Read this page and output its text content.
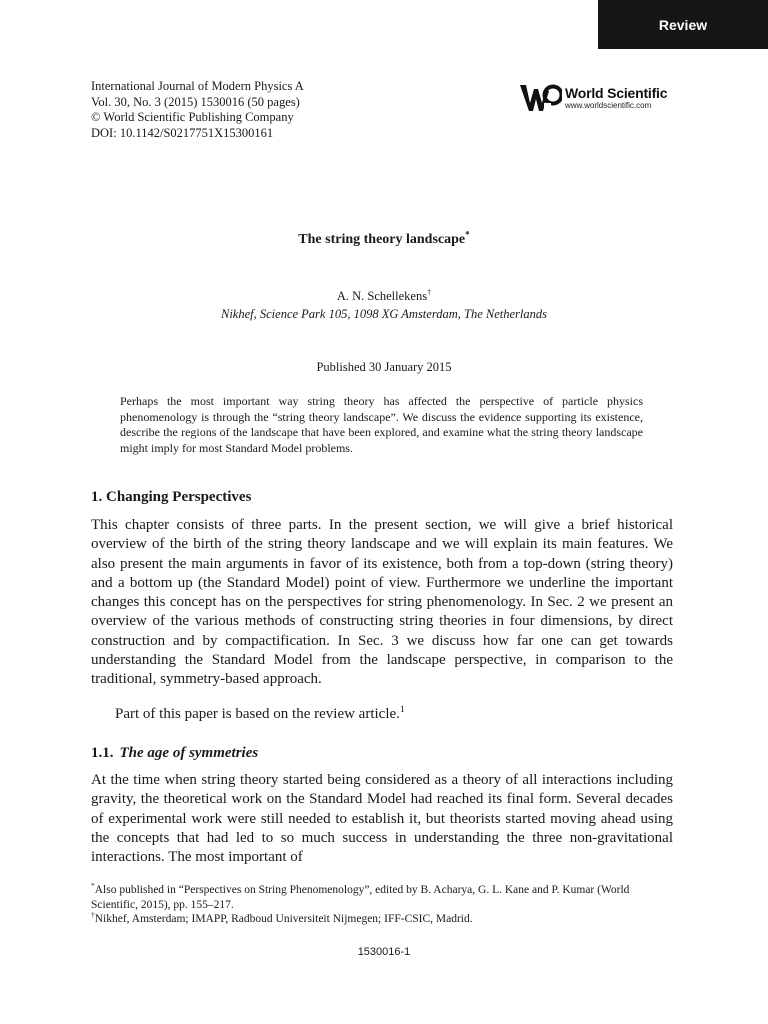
Review
International Journal of Modern Physics A
Vol. 30, No. 3 (2015) 1530016 (50 pages)
© World Scientific Publishing Company
DOI: 10.1142/S0217751X15300161
World Scientific
www.worldscientific.com
The string theory landscape*
A. N. Schellekens†
Nikhef, Science Park 105, 1098 XG Amsterdam, The Netherlands
Published 30 January 2015
Perhaps the most important way string theory has affected the perspective of particle physics phenomenology is through the “string theory landscape”. We discuss the evidence supporting its existence, describe the regions of the landscape that have been explored, and examine what the string theory landscape might imply for most Standard Model problems.
1. Changing Perspectives
This chapter consists of three parts. In the present section, we will give a brief historical overview of the birth of the string theory landscape and we will explain its main features. We also present the main arguments in favor of its existence, both from a top-down (string theory) and a bottom up (the Standard Model) point of view. Furthermore we underline the important changes this concept has on the perspectives for string phenomenology. In Sec. 2 we present an overview of the various methods of constructing string theories in four dimensions, by direct construction and by compactification. In Sec. 3 we discuss how far one can get towards understanding the Standard Model from the landscape perspective, in comparison to the traditional, symmetry-based approach.
Part of this paper is based on the review article.$^1$
1.1. The age of symmetries
At the time when string theory started being considered as a theory of all interactions including gravity, the theoretical work on the Standard Model had reached its final form. Several decades of experimental work were still needed to establish it, but theorists started moving ahead using the concepts that had led to so much success in understanding the three non-gravitational interactions. The most important of
*Also published in “Perspectives on String Phenomenology”, edited by B. Acharya, G. L. Kane and P. Kumar (World Scientific, 2015), pp. 155–217.
†Nikhef, Amsterdam; IMAPP, Radboud Universiteit Nijmegen; IFF-CSIC, Madrid.
1530016-1
